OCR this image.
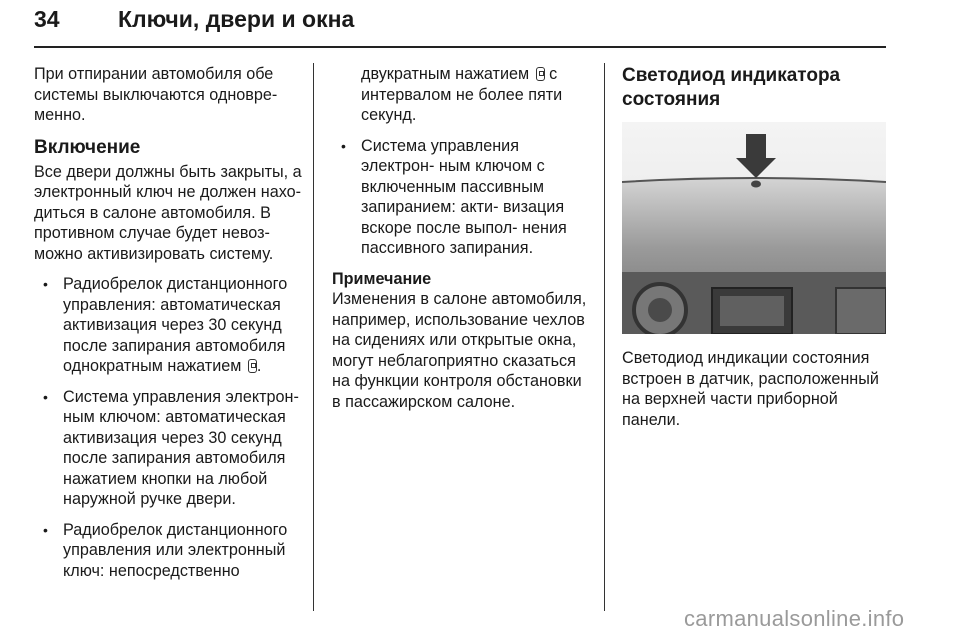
34	Ключи, двери и окна

При отпирании автомобиля обе системы выключаются одновре- менно.

Включение

Все двери должны быть закрыты, а электронный ключ не должен нахо- диться в салоне автомобиля. В противном случае будет невоз- можно активизировать систему.

• Радиобрелок дистанционного управления: автоматическая активизация через 30 секунд после запирания автомобиля однократным нажатием .
• Система управления электрон- ным ключом: автоматическая активизация через 30 секунд после запирания автомобиля нажатием кнопки на любой наружной ручке двери.
• Радиобрелок дистанционного управления или электронный ключ: непосредственно
двукратным нажатием  с интервалом не более пяти секунд.
• Система управления электрон- ным ключом с включенным пассивным запиранием: акти- визация вскоре после выпол- нения пассивного запирания.

Примечание

Изменения в салоне автомобиля, например, использование чехлов на сидениях или открытые окна, могут неблагоприятно сказаться на функции контроля обстановки в пассажирском салоне.

Светодиод индикатора состояния

Светодиод индикации состояния встроен в датчик, расположенный на верхней части приборной панели.

carmanualsonline.info
